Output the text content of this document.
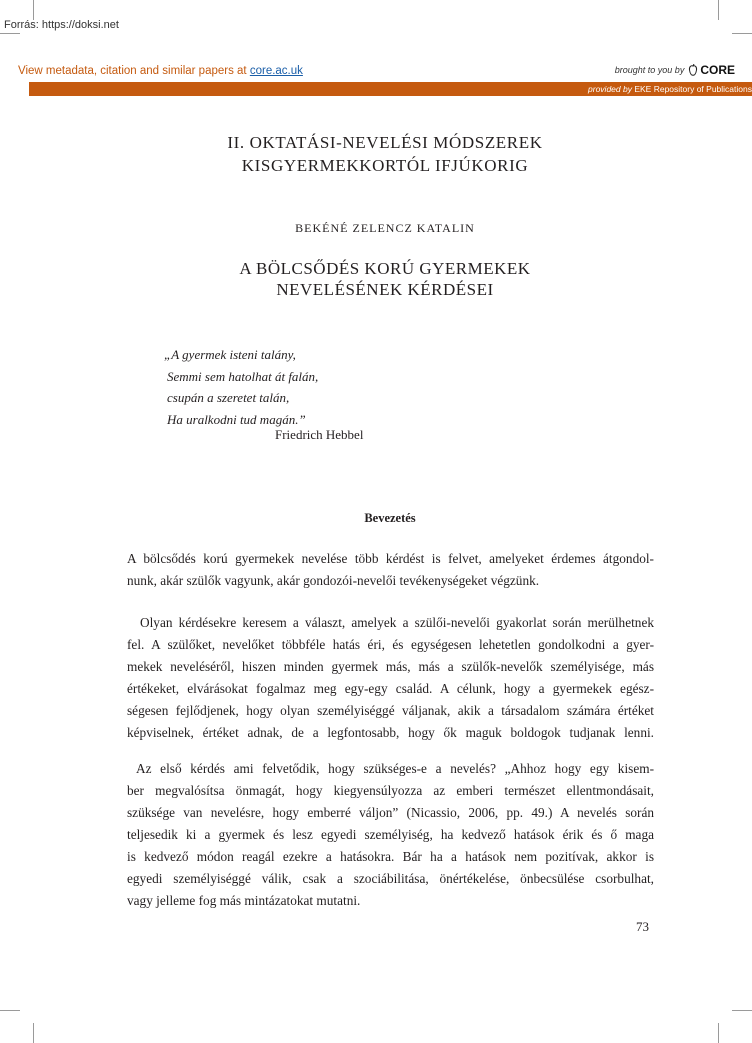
Forrás: https://doksi.net
View metadata, citation and similar papers at core.ac.uk	brought to you by CORE
provided by EKE Repository of Publications
II. OKTATÁSI-NEVELÉSI MÓDSZEREK
KISGYERMEKKORTÓL IFJÚKORIG
BEKÉNÉ ZELENCZ KATALIN
A BÖLCSŐDÉS KORÚ GYERMEKEK
NEVELÉSÉNEK KÉRDÉSEI
„A gyermek isteni talány,
Semmi sem hatolhat át falán,
csupán a szeretet talán,
Ha uralkodni tud magán.”
Friedrich Hebbel
Bevezetés
A bölcsődés korú gyermekek nevelése több kérdést is felvet, amelyeket érdemes átgondol-
nunk, akár szülők vagyunk, akár gondozói-nevelői tevékenységeket végzünk.
Olyan kérdésekre keresem a választ, amelyek a szülői-nevelői gyakorlat során merülhetnek
fel. A szülőket, nevelőket többféle hatás éri, és egységesen lehetetlen gondolkodni a gyer-
mekek neveléséről, hiszen minden gyermek más, más a szülők-nevelők személyisége, más
értékeket, elvárásokat fogalmaz meg egy-egy család. A célunk, hogy a gyermekek egész-
ségesen fejlődjenek, hogy olyan személyiséggé váljanak, akik a társadalom számára értéket
képviselnek, értéket adnak, de a legfontosabb, hogy ők maguk boldogok tudjanak lenni.
Az első kérdés ami felvetődik, hogy szükséges-e a nevelés? „Ahhoz hogy egy kisem-
ber megvalósítsa önmagát, hogy kiegyensúlyozza az emberi természet ellentmondásait,
szüksége van nevelésre, hogy emberré váljon” (Nicassio, 2006, pp. 49.) A nevelés során
teljesedik ki a gyermek és lesz egyedi személyiség, ha kedvező hatások érik és ő maga
is kedvező módon reagál ezekre a hatásokra. Bár ha a hatások nem pozitívak, akkor is
egyedi személyiséggé válik, csak a szociábilitása, önértékelése, önbecsülése csorbulhat,
vagy jelleme fog más mintázatokat mutatni.
73
